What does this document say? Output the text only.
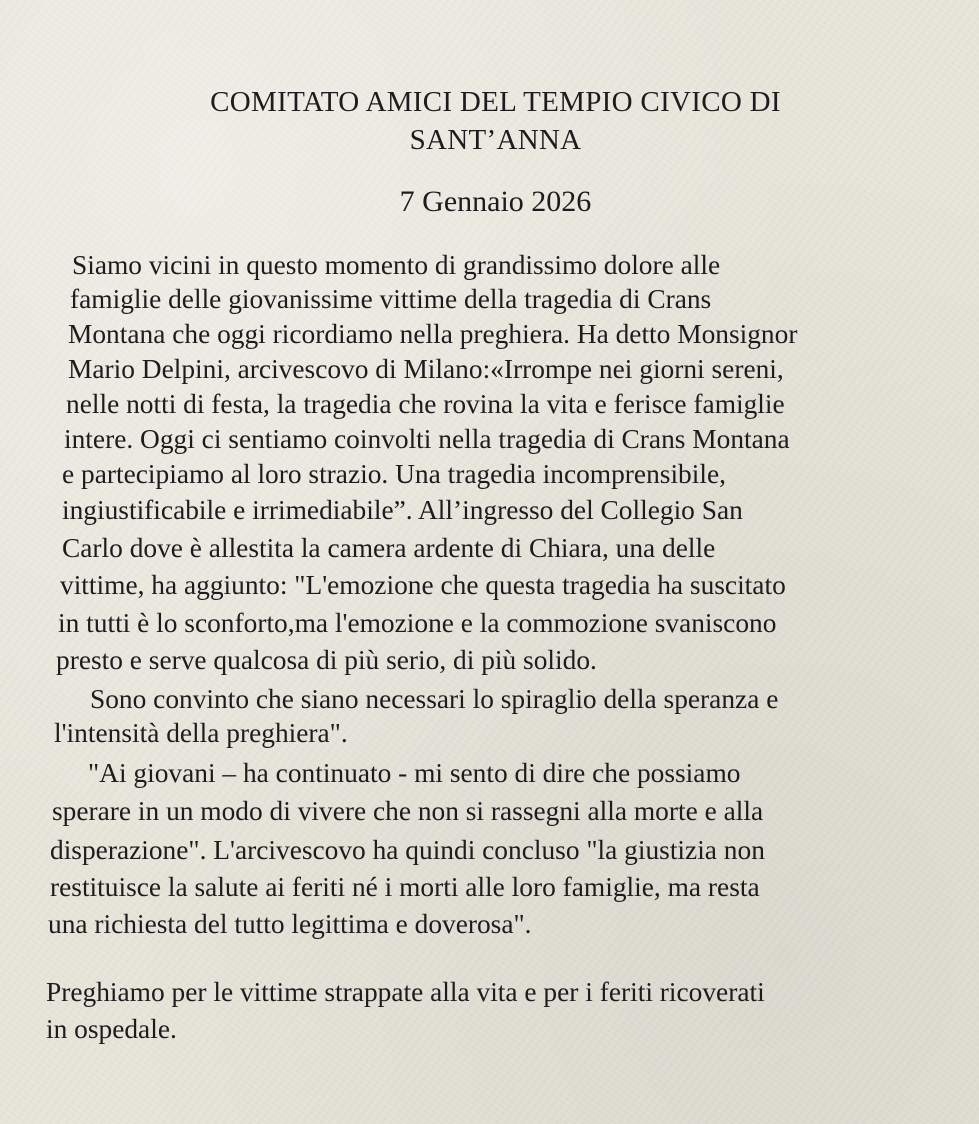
COMITATO AMICI DEL TEMPIO CIVICO DI
SANT’ANNA

7 Gennaio 2026

Siamo vicini in questo momento di grandissimo dolore alle

famiglie delle giovanissime vittime della tragedia di Crans

Montana che oggi ricordiamo nella preghiera. Ha detto Monsignor

Mario Delpini, arcivescovo di Milano:«Irrompe nei giorni sereni,

nelle notti di festa, la tragedia che rovina la vita e ferisce famiglie

intere. Oggi ci sentiamo coinvolti nella tragedia di Crans Montana

e partecipiamo al loro strazio. Una tragedia incomprensibile,

ingiustificabile e irrimediabile”. All’ingresso del Collegio San

Carlo dove è allestita la camera ardente di Chiara, una delle

vittime, ha aggiunto: "L'emozione che questa tragedia ha suscitato

in tutti è lo sconforto,ma l'emozione e la commozione svaniscono

presto e serve qualcosa di più serio, di più solido.

Sono convinto che siano necessari lo spiraglio della speranza e

l'intensità della preghiera".

"Ai giovani – ha continuato - mi sento di dire che possiamo

sperare in un modo di vivere che non si rassegni alla morte e alla

disperazione". L'arcivescovo ha quindi concluso "la giustizia non

restituisce la salute ai feriti né i morti alle loro famiglie, ma resta

una richiesta del tutto legittima e doverosa".

Preghiamo per le vittime strappate alla vita e per i feriti ricoverati

in ospedale.
